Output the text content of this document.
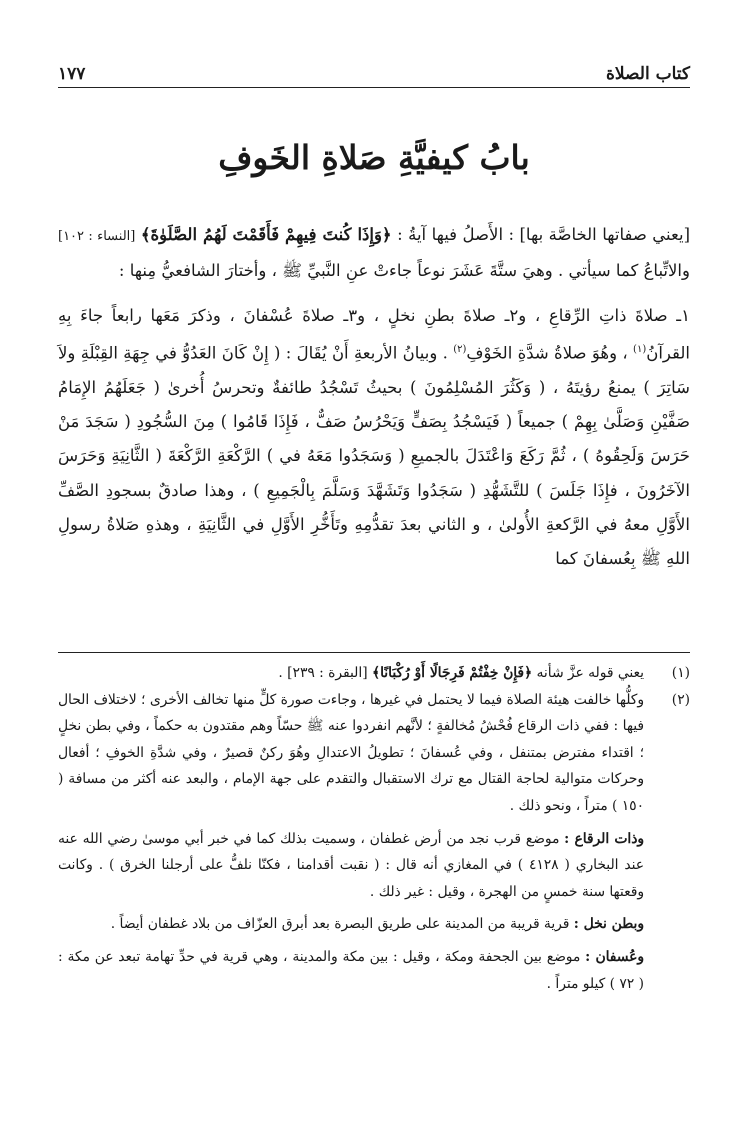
كتاب الصلاة
١٧٧
بابُ كيفيَّةِ صَلاةِ الخَوفِ

[يعني صفاتها الخاصَّة بها] : الأَصلُ فيها آيةُ : ﴿وَإِذَا كُنتَ فِيهِمْ فَأَقَمْتَ لَهُمُ الصَّلَوٰةَ﴾ [النساء : ١٠٢] والاتِّباعُ كما سيأتي . وهيَ ستَّةَ عَشَرَ نوعاً جاءتْ عنِ النَّبيِّ ﷺ ، وأختارَ الشافعيُّ مِنها :

١ـ صلاةَ ذاتِ الرِّقاعِ ، و٢ـ صلاةَ بطنِ نخلٍ ، و٣ـ صلاةَ عُسْفانَ ، وذكرَ مَعَها رابعاً جاءَ بِهِ القرآنُ$^{(١)}$ ، وهُوَ صلاةُ شدَّةِ الخَوْفِ$^{(٢)}$ . وبيانُ الأربعةِ أَنْ يُقَالَ : ( إِنْ كَانَ العَدُوُّ في جِهَةِ القِبْلَةِ ولاَ سَاتِرَ ) يمنعُ رؤيتَهُ ، ( وَكَثُرَ المُسْلِمُونَ ) بحيثُ تَسْجُدُ طائفةٌ وتحرسُ أُخرىٰ ( جَعَلَهُمُ الإِمَامُ صَفَّيْنِ وَصَلَّىٰ بِهِمْ ) جميعاً ( فَيَسْجُدُ بِصَفٍّ وَيَحْرُسُ صَفٌّ ، فَإِذَا قَامُوا ) مِنَ السُّجُودِ ( سَجَدَ مَنْ حَرَسَ وَلَحِقُوهُ ) ، ثُمَّ رَكَعَ وَاعْتَدَلَ بالجميعِ ( وَسَجَدُوا مَعَهُ في ) الرَّكْعَةِ الرَّكْعَةَ ( الثَّانِيَةِ وَحَرَسَ الآخَرُونَ ، فإِذَا جَلَسَ ) للتَّشَهُّدِ ( سَجَدُوا وَتَشَهَّدَ وَسَلَّمَ بِالْجَمِيعِ ) ، وهذا صادقٌ بسجودِ الصَّفِّ الأَوَّلِ معهُ في الرَّكعةِ الأُولىٰ ، و الثاني بعدَ تقدُّمِهِ وتَأَخُّرِ الأَوَّلِ في الثَّانِيَةِ ، وهذهِ صَلاةُ رسولِ اللهِ ﷺ بِعُسفانَ كما

(١)
يعني قوله عزَّ شأنه ﴿فَإِنْ خِفْتُمْ فَرِجَالًا أَوْ رُكْبَانًا﴾ [البقرة : ٢٣٩] .
(٢)
وكلُّها خالفت هيئة الصلاة فيما لا يحتمل في غيرها ، وجاءت صورة كلٍّ منها تخالف الأخرى ؛ لاختلاف الحال فيها : ففي ذات الرقاع فُحْشُ مُخالفةٍ ؛ لأنَّهم انفردوا عنه ﷺ حسّاً وهم مقتدون به حكماً ، وفي بطن نخلٍ ؛ اقتداء مفترض بمتنفل ، وفي عُسفانَ ؛ تطويلُ الاعتدالِ وهُوَ ركنٌ قصيرٌ ، وفي شدَّةِ الخوفِ ؛ أفعال وحركات متوالية لحاجة القتال مع ترك الاستقبال والتقدم على جهة الإمام ، والبعد عنه أكثر من مسافة ( ١٥٠ ) متراً ، ونحو ذلك .
وذات الرقاع : موضع قرب نجد من أرض غطفان ، وسميت بذلك كما في خبر أبي موسىٰ رضي الله عنه عند البخاري ( ٤١٢٨ ) في المغازي أنه قال : ( نقبت أقدامنا ، فكنّا نلفُّ على أرجلنا الخرق ) . وكانت وقعتها سنة خمسٍ من الهجرة ، وقيل : غير ذلك .
وبطن نخل : قرية قريبة من المدينة على طريق البصرة بعد أبرق العزّاف من بلاد غطفان أيضاً .
وعُسفان : موضع بين الجحفة ومكة ، وقيل : بين مكة والمدينة ، وهي قرية في حدِّ تهامة تبعد عن مكة : ( ٧٢ ) كيلو متراً .
